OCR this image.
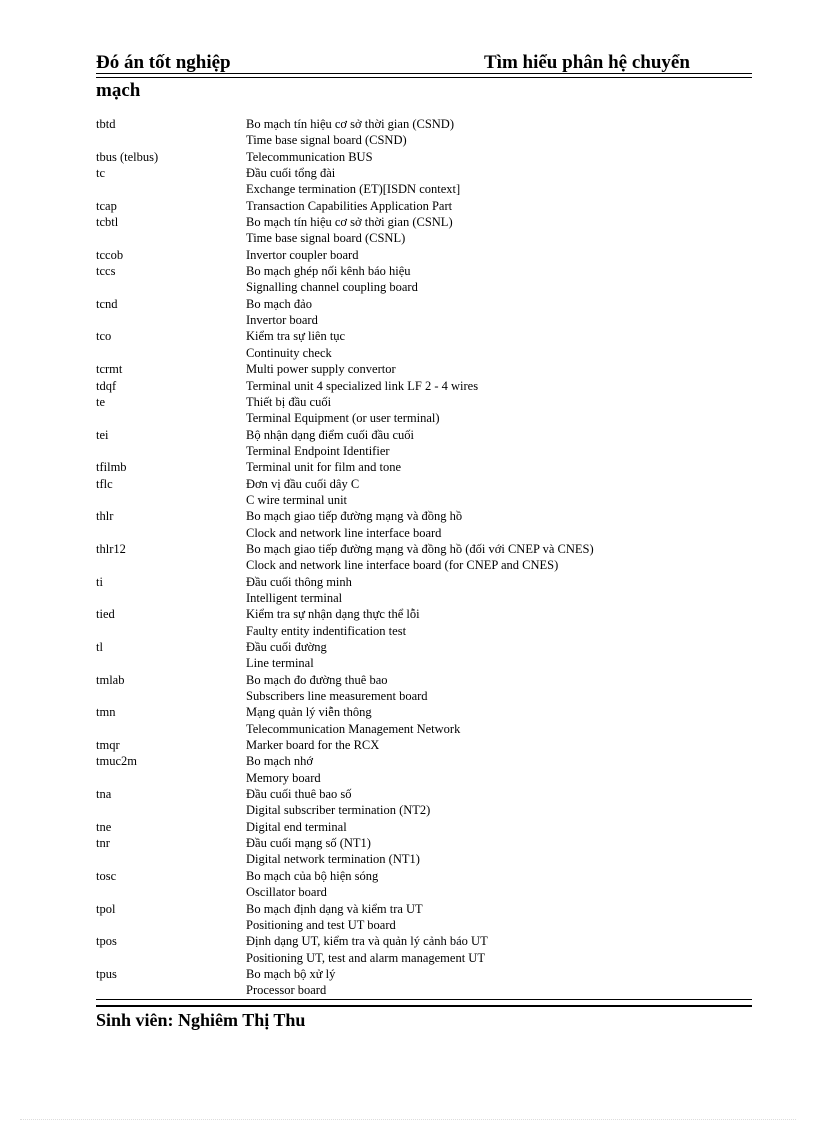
Đó án tốt nghiệp	Tìm hiểu phân hệ chuyển
mạch
tbtd	Bo mạch tín hiệu cơ sở thời gian (CSND)
Time base signal board (CSND)
tbus (telbus)	Telecommunication BUS
tc	Đầu cuối tổng đài
Exchange termination (ET)[ISDN context]
tcap	Transaction Capabilities Application Part
tcbtl	Bo mạch tín hiệu cơ sở thời gian (CSNL)
Time base signal board (CSNL)
tccob	Invertor coupler board
tccs	Bo mạch ghép nối kênh báo hiệu
Signalling channel coupling board
tcnd	Bo mạch đảo
Invertor board
tco	Kiểm tra sự liên tục
Continuity check
tcrmt	Multi power supply convertor
tdqf	Terminal unit 4 specialized link LF 2 - 4 wires
te	Thiết bị đầu cuối
Terminal Equipment (or user terminal)
tei	Bộ nhận dạng điểm cuối đầu cuối
Terminal Endpoint Identifier
tfilmb	Terminal unit for film and tone
tflc	Đơn vị đầu cuối dây C
C wire terminal unit
thlr	Bo mạch giao tiếp đường mạng và đồng hồ
Clock and network line interface board
thlr12	Bo mạch giao tiếp đường mạng và đồng hồ (đối với CNEP và CNES)
Clock and network line interface board (for CNEP and CNES)
ti	Đầu cuối thông minh
Intelligent terminal
tied	Kiểm tra sự nhận dạng thực thể lỗi
Faulty entity indentification test
tl	Đầu cuối đường
Line terminal
tmlab	Bo mạch đo đường thuê bao
Subscribers line measurement board
tmn	Mạng quản lý viễn thông
Telecommunication Management Network
tmqr	Marker board for the RCX
tmuc2m	Bo mạch nhớ
Memory board
tna	Đầu cuối thuê bao số
Digital subscriber termination (NT2)
tne	Digital end terminal
tnr	Đầu cuối mạng số (NT1)
Digital network termination (NT1)
tosc	Bo mạch của bộ hiện sóng
Oscillator board
tpol	Bo mạch định dạng và kiểm tra UT
Positioning and test UT board
tpos	Định dạng UT, kiểm tra và quản lý cảnh báo UT
Positioning UT, test and alarm management UT
tpus	Bo mạch bộ xử lý
Processor board
Sinh viên: Nghiêm Thị Thu
